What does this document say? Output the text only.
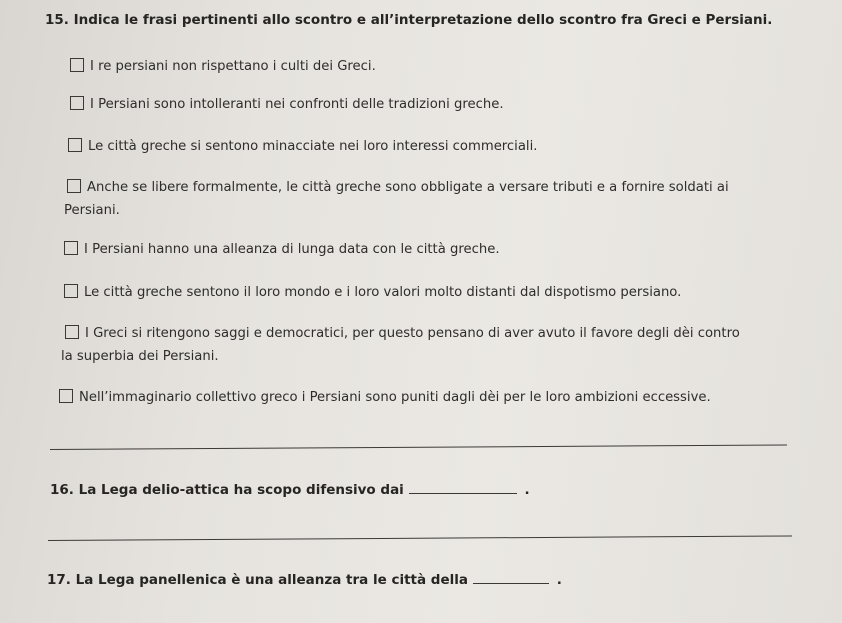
15. Indica le frasi pertinenti allo scontro e all’interpretazione dello scontro fra Greci e Persiani.
I re persiani non rispettano i culti dei Greci.
I Persiani sono intolleranti nei confronti delle tradizioni greche.
Le città greche si sentono minacciate nei loro interessi commerciali.
Anche se libere formalmente, le città greche sono obbligate a versare tributi e a fornire soldati ai
Persiani.
I Persiani hanno una alleanza di lunga data con le città greche.
Le città greche sentono il loro mondo e i loro valori molto distanti dal dispotismo persiano.
I Greci si ritengono saggi e democratici, per questo pensano di aver avuto il favore degli dèi contro
la superbia dei Persiani.
Nell’immaginario collettivo greco i Persiani sono puniti dagli dèi per le loro ambizioni eccessive.
16. La Lega delio-attica ha scopo difensivo dai	.
17. La Lega panellenica è una alleanza tra le città della	.
